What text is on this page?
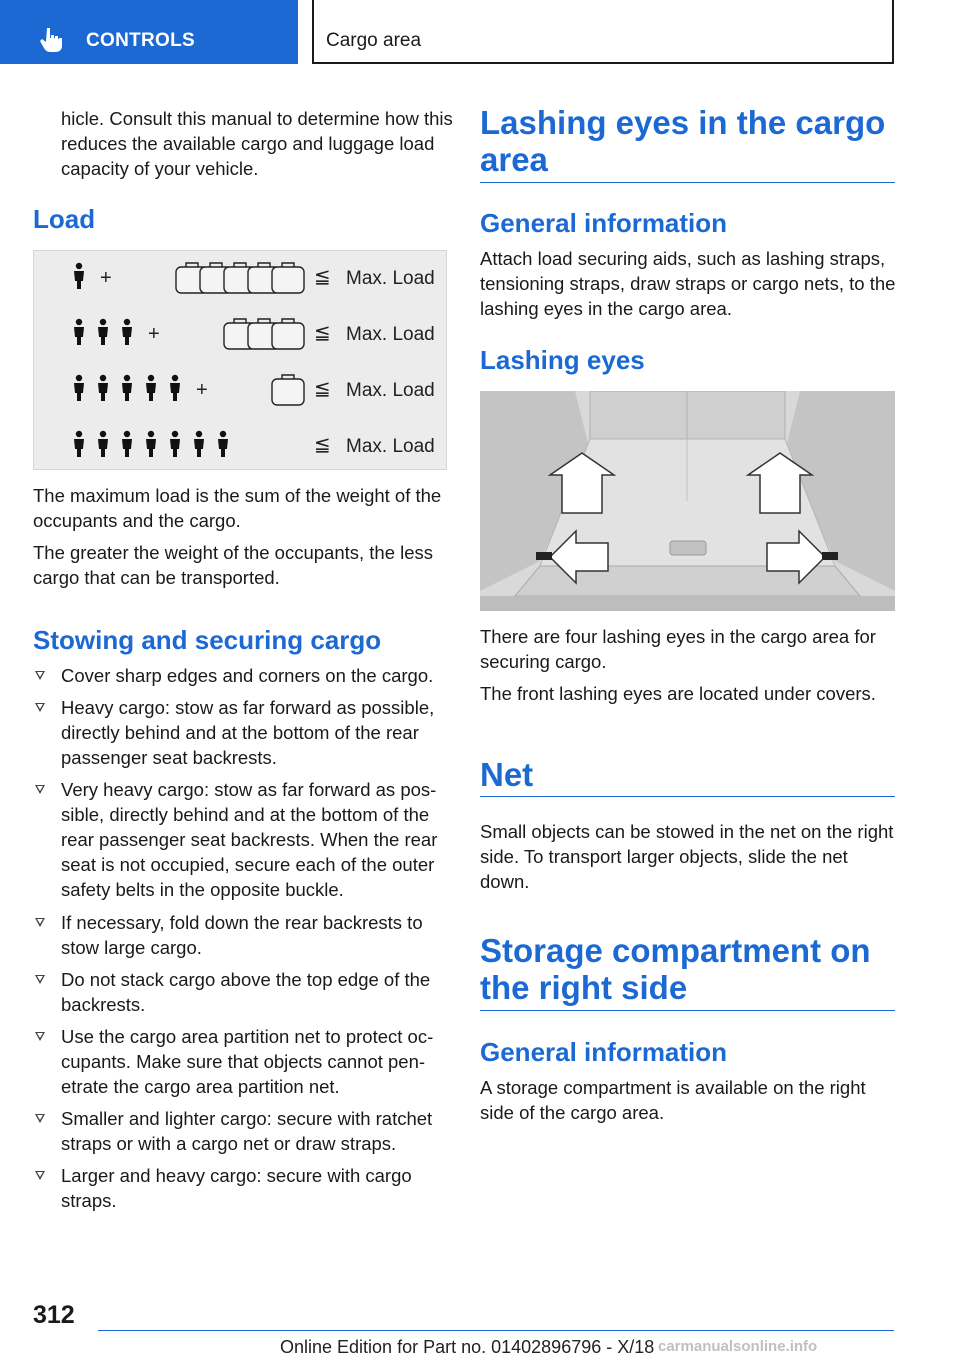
CONTROLS	Cargo area

hicle. Consult this manual to determine how this reduces the available cargo and luggage load capacity of your vehicle.

Load
+
+
+
≦ Max. Load
≦ Max. Load
≦ Max. Load
≦ Max. Load

The maximum load is the sum of the weight of the occupants and the cargo.

The greater the weight of the occupants, the less cargo that can be transported.

Stowing and securing cargo
Cover sharp edges and corners on the cargo.
Heavy cargo: stow as far forward as possible, directly behind and at the bottom of the rear passenger seat backrests.
Very heavy cargo: stow as far forward as possible, directly behind and at the bottom of the rear passenger seat backrests. When the rear seat is not occupied, secure each of the outer safety belts in the opposite buckle.
If necessary, fold down the rear backrests to stow large cargo.
Do not stack cargo above the top edge of the backrests.
Use the cargo area partition net to protect occupants. Make sure that objects cannot penetrate the cargo area partition net.
Smaller and lighter cargo: secure with ratchet straps or with a cargo net or draw straps.
Larger and heavy cargo: secure with cargo straps.
Lashing eyes in the cargo area
General information

Attach load securing aids, such as lashing straps, tensioning straps, draw straps or cargo nets, to the lashing eyes in the cargo area.

Lashing eyes

There are four lashing eyes in the cargo area for securing cargo.

The front lashing eyes are located under covers.

Net

Small objects can be stowed in the net on the right side. To transport larger objects, slide the net down.

Storage compartment on the right side
General information

A storage compartment is available on the right side of the cargo area.

312
Online Edition for Part no. 01402896796 - X/18 carmanualsonline.info
